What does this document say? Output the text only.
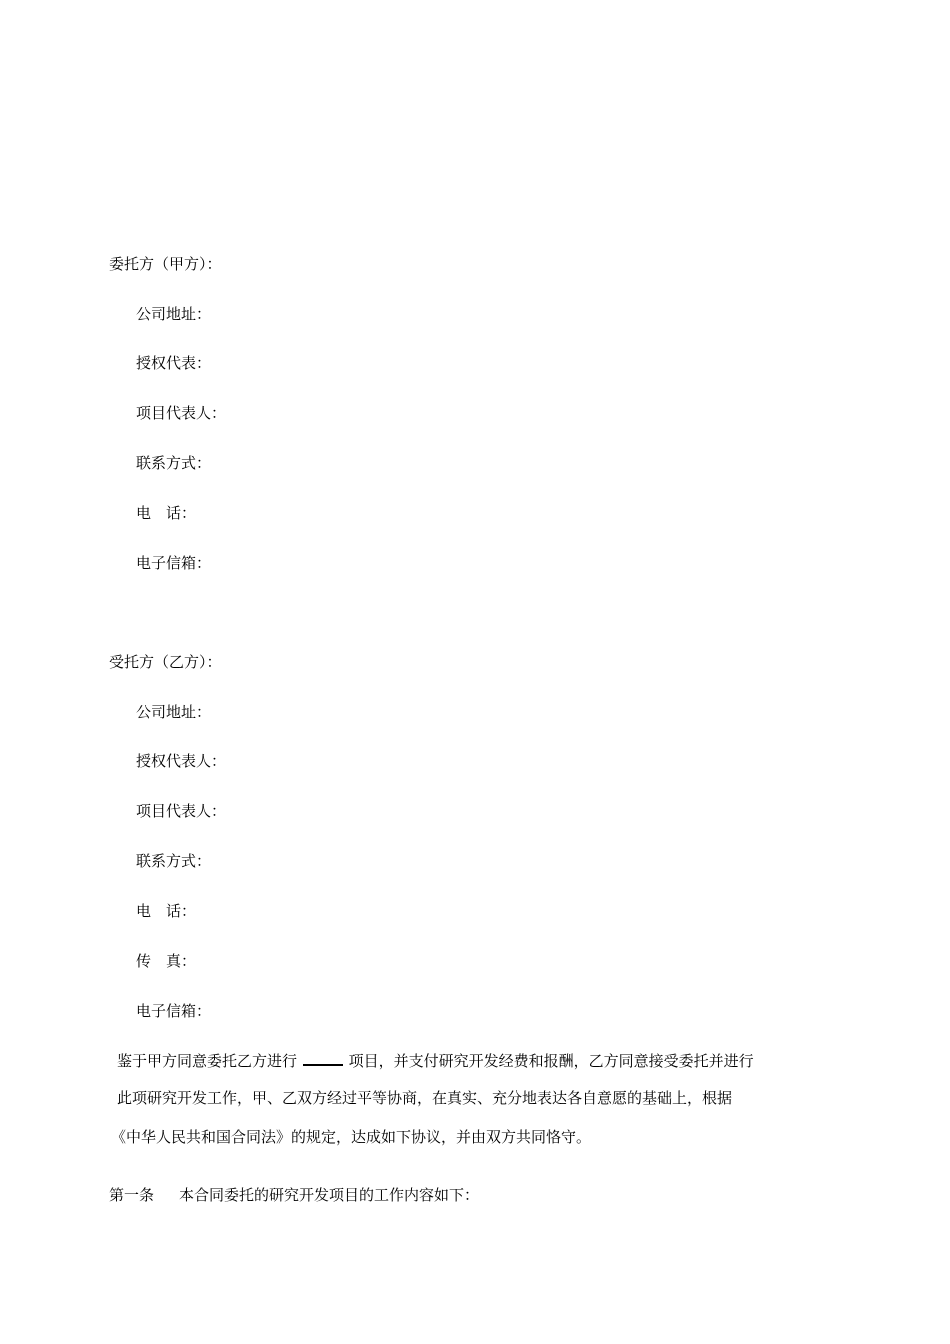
委托方（甲方）：
公司地址：
授权代表：
项目代表人：
联系方式：
电　话：
电子信箱：
受托方（乙方）：
公司地址：
授权代表人：
项目代表人：
联系方式：
电　话：
传　真：
电子信箱：
鉴于甲方同意委托乙方进行	项目，并支付研究开发经费和报酬，乙方同意接受委托并进行
此项研究开发工作，甲、乙双方经过平等协商，在真实、充分地表达各自意愿的基础上，根据
《中华人民共和国合同法》的规定，达成如下协议，并由双方共同恪守。
第一条 本合同委托的研究开发项目的工作内容如下：
